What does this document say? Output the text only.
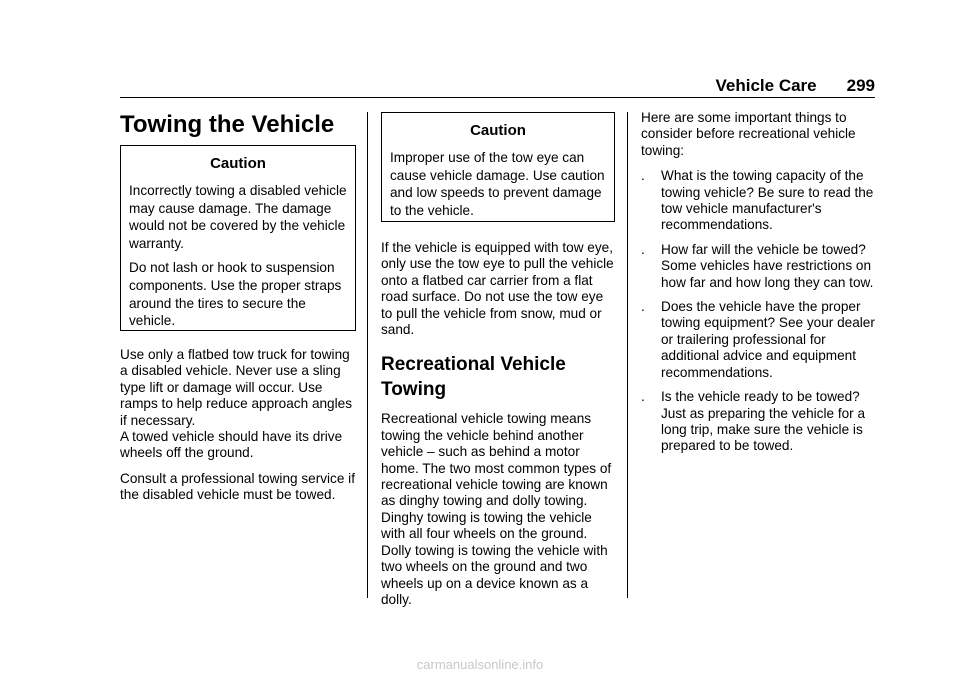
Vehicle Care 299
Towing the Vehicle
Caution

Incorrectly towing a disabled vehicle may cause damage. The damage would not be covered by the vehicle warranty.

Do not lash or hook to suspension components. Use the proper straps around the tires to secure the vehicle.

Use only a flatbed tow truck for towing a disabled vehicle. Never use a sling type lift or damage will occur. Use ramps to help reduce approach angles if necessary.

A towed vehicle should have its drive wheels off the ground.

Consult a professional towing service if the disabled vehicle must be towed.

Caution

Improper use of the tow eye can cause vehicle damage. Use caution and low speeds to prevent damage to the vehicle.

If the vehicle is equipped with tow eye, only use the tow eye to pull the vehicle onto a flatbed car carrier from a flat road surface. Do not use the tow eye to pull the vehicle from snow, mud or sand.

Recreational Vehicle Towing

Recreational vehicle towing means towing the vehicle behind another vehicle – such as behind a motor home. The two most common types of recreational vehicle towing are known as dinghy towing and dolly towing. Dinghy towing is towing the vehicle with all four wheels on the ground. Dolly towing is towing the vehicle with two wheels on the ground and two wheels up on a device known as a dolly.

Here are some important things to consider before recreational vehicle towing:

. What is the towing capacity of the towing vehicle? Be sure to read the tow vehicle manufacturer's recommendations.
. How far will the vehicle be towed? Some vehicles have restrictions on how far and how long they can tow.
. Does the vehicle have the proper towing equipment? See your dealer or trailering professional for additional advice and equipment recommendations.
. Is the vehicle ready to be towed? Just as preparing the vehicle for a long trip, make sure the vehicle is prepared to be towed.
carmanualsonline.info
